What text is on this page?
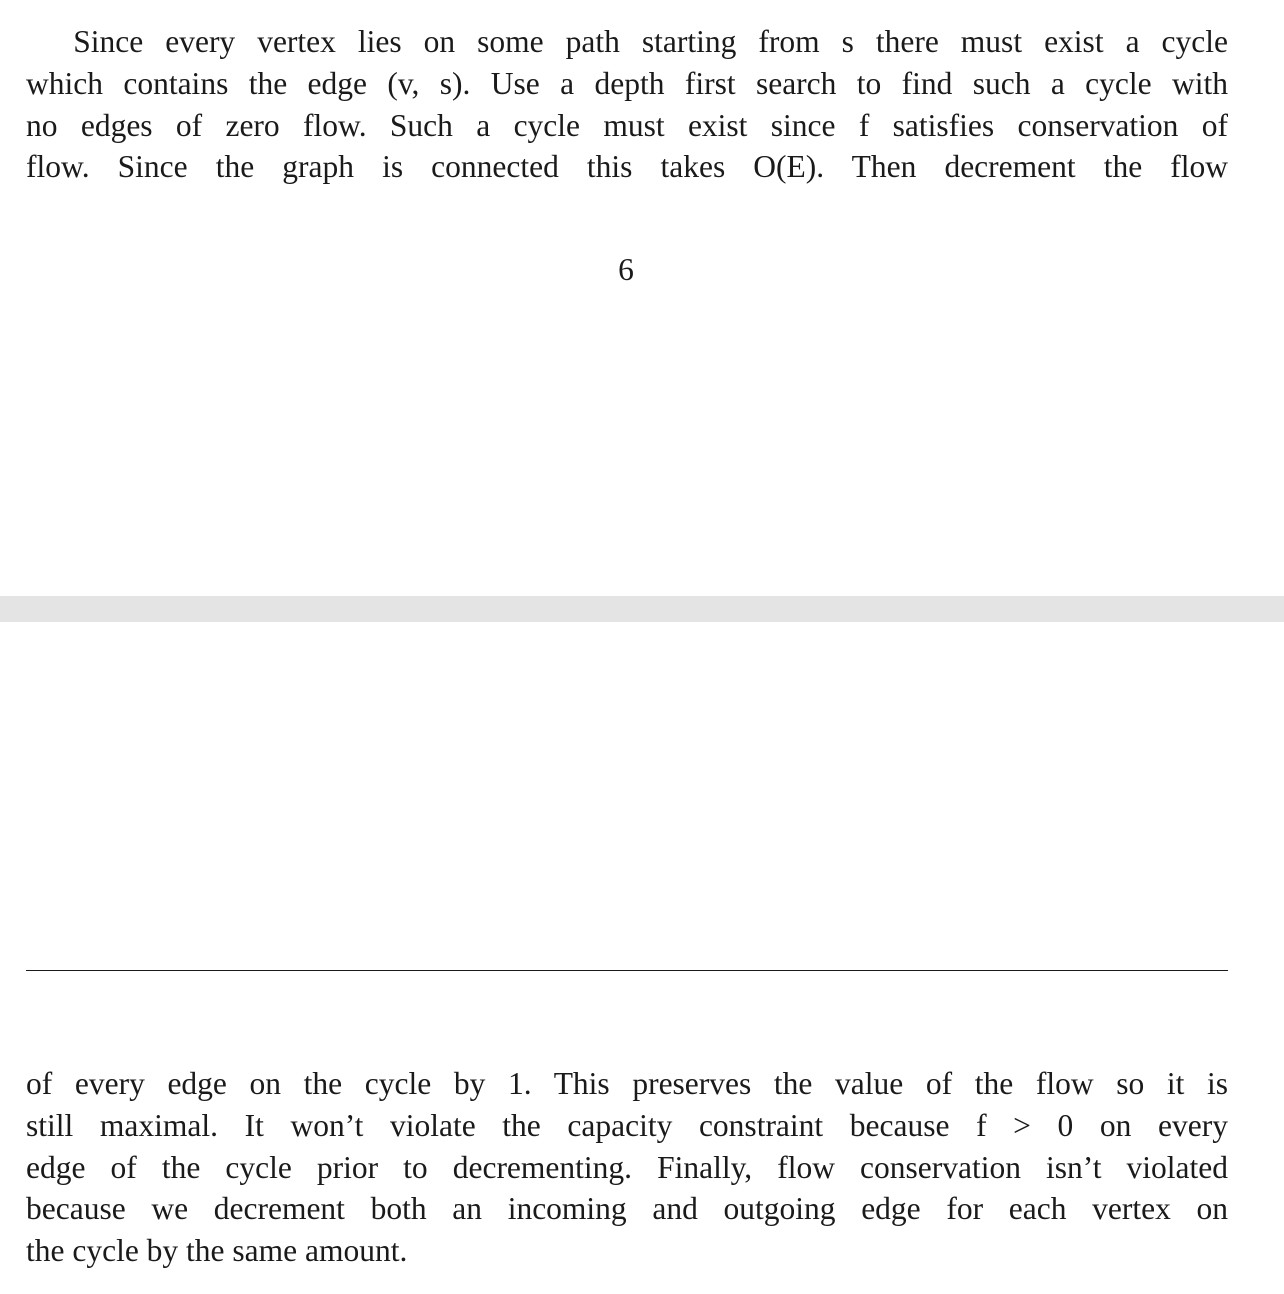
  Since every vertex lies on some path starting from s there must exist a cycle
which contains the edge (v, s). Use a depth first search to find such a cycle with
no edges of zero flow. Such a cycle must exist since f satisfies conservation of
flow. Since the graph is connected this takes O(E). Then decrement the flow
6
of every edge on the cycle by 1. This preserves the value of the flow so it is
still maximal. It won’t violate the capacity constraint because f > 0 on every
edge of the cycle prior to decrementing. Finally, flow conservation isn’t violated
because we decrement both an incoming and outgoing edge for each vertex on
the cycle by the same amount.
